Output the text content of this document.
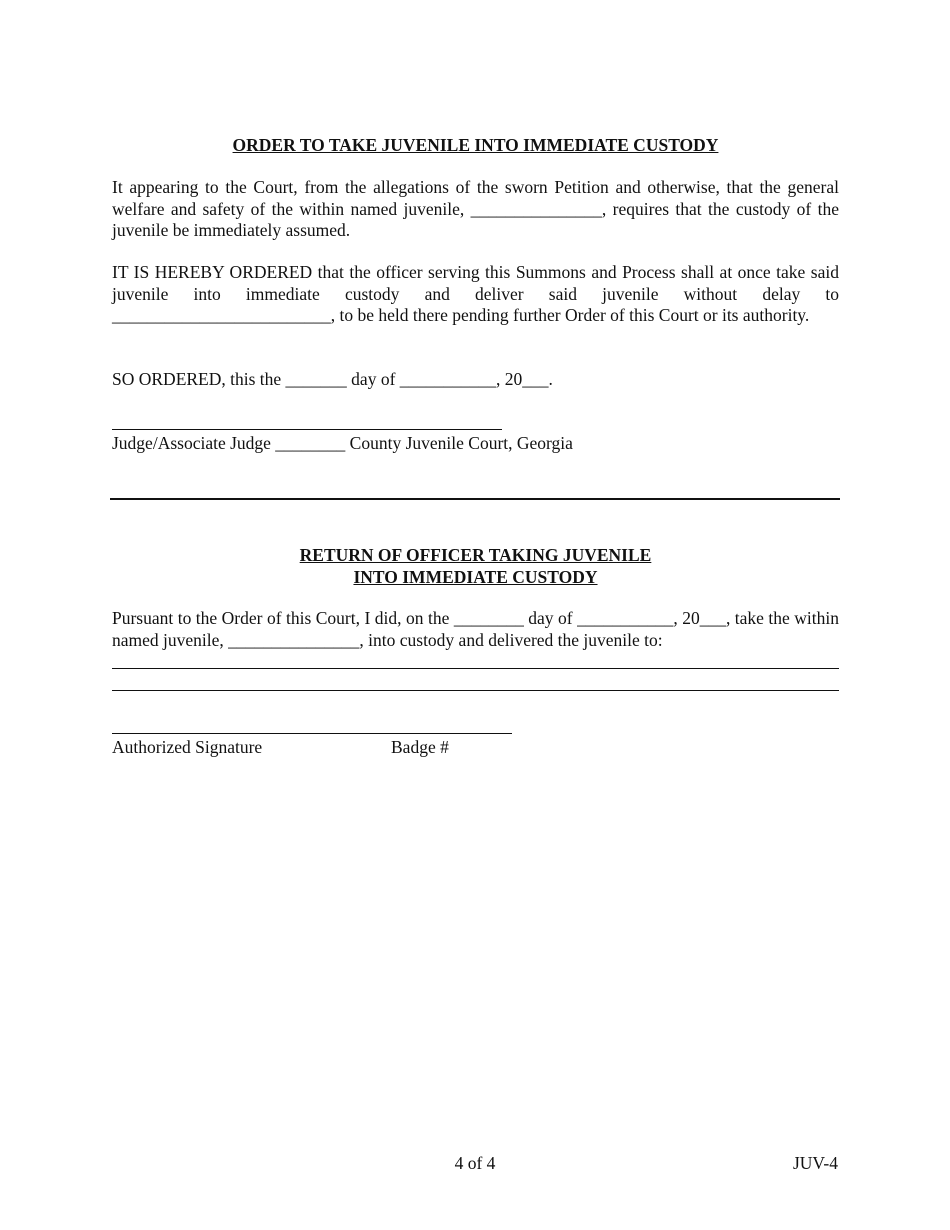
ORDER TO TAKE JUVENILE INTO IMMEDIATE CUSTODY

It appearing to the Court, from the allegations of the sworn Petition and otherwise, that the general welfare and safety of the within named juvenile, _______________, requires that the custody of the juvenile be immediately assumed.

IT IS HEREBY ORDERED that the officer serving this Summons and Process shall at once take said juvenile into immediate custody and deliver said juvenile without delay to _________________________, to be held there pending further Order of this Court or its authority.

SO ORDERED, this the _______ day of ___________, 20___.

Judge/Associate Judge ________ County Juvenile Court, Georgia

RETURN OF OFFICER TAKING JUVENILE

INTO IMMEDIATE CUSTODY

Pursuant to the Order of this Court, I did, on the ________ day of ___________, 20___, take the within named juvenile, _______________, into custody and delivered the juvenile to:

Authorized Signature	Badge #
4 of 4	JUV-4
